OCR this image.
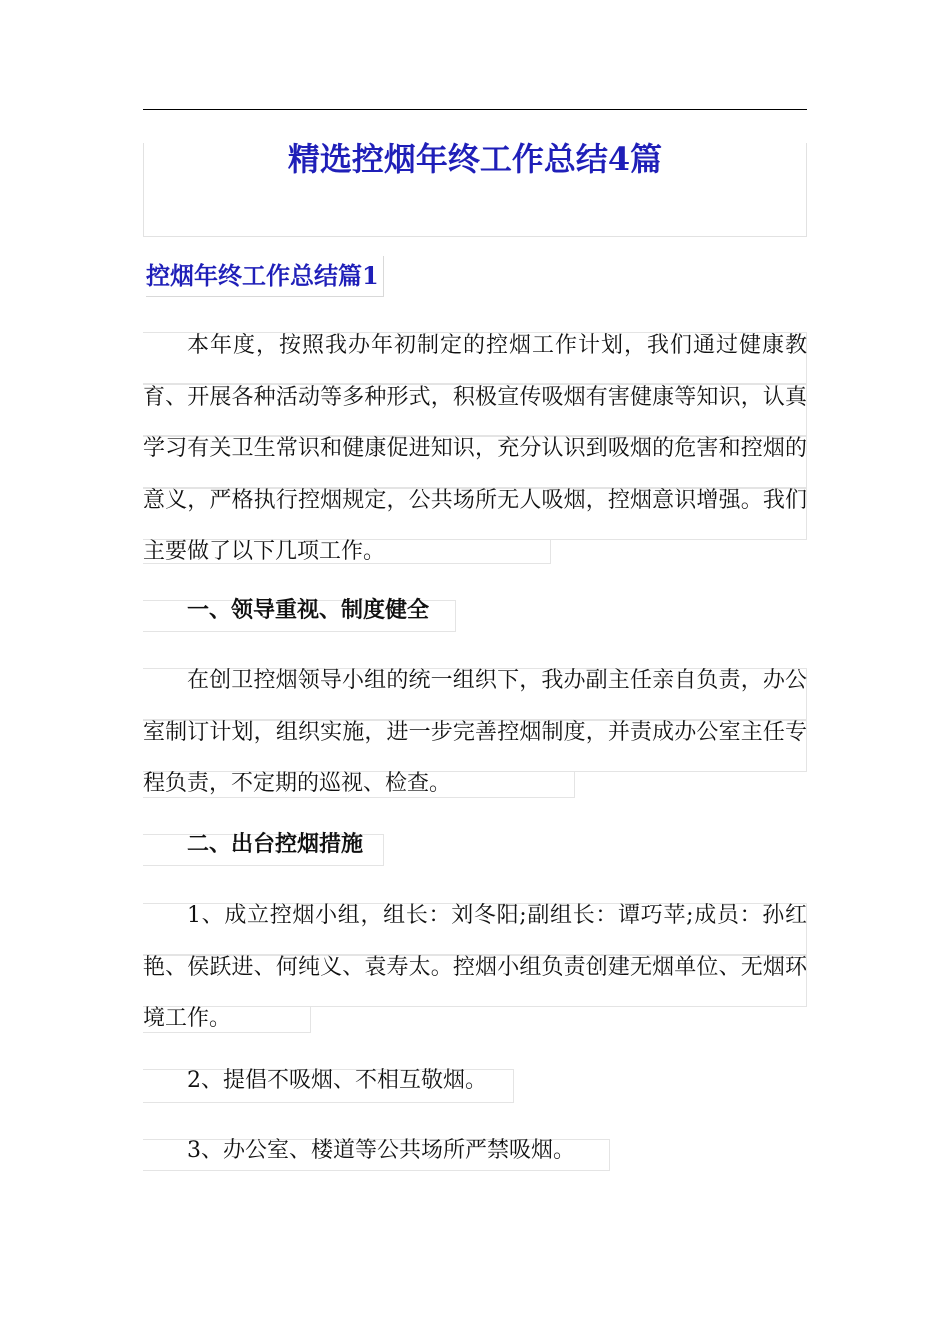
精选控烟年终工作总结4篇
控烟年终工作总结篇1

本年度，按照我办年初制定的控烟工作计划，我们通过健康教育、开展各种活动等多种形式，积极宣传吸烟有害健康等知识，认真学习有关卫生常识和健康促进知识，充分认识到吸烟的危害和控烟的意义，严格执行控烟规定，公共场所无人吸烟，控烟意识增强。我们主要做了以下几项工作。

一、领导重视、制度健全

在创卫控烟领导小组的统一组织下，我办副主任亲自负责，办公室制订计划，组织实施，进一步完善控烟制度，并责成办公室主任专程负责，不定期的巡视、检查。

二、出台控烟措施

1、成立控烟小组，组长：刘冬阳;副组长：谭巧苹;成员：孙红艳、侯跃进、何纯义、袁寿太。控烟小组负责创建无烟单位、无烟环境工作。

2、提倡不吸烟、不相互敬烟。

3、办公室、楼道等公共场所严禁吸烟。
